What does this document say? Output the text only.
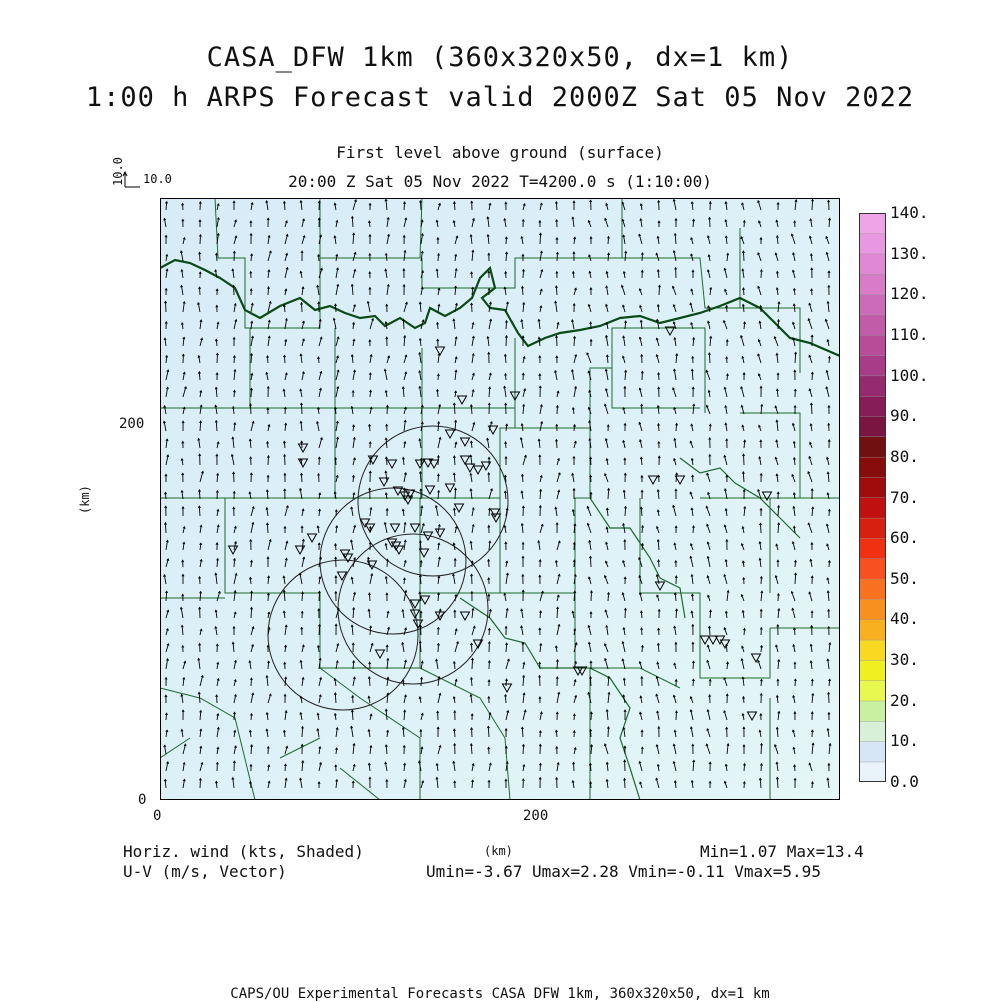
CASA_DFW 1km (360x320x50, dx=1 km)
1:00 h ARPS Forecast valid 2000Z Sat 05 Nov 2022
First level above ground (surface)
20:00 Z Sat 05 Nov 2022 T=4200.0 s (1:10:00)
10.0 10.0
(km)
200
0
0	200
(km)
0.0
10.
20.
30.
40.
50.
60.
70.
80.
90.
100.
110.
120.
130.
140.
Horiz. wind (kts, Shaded)
U-V (m/s, Vector)
Min=1.07 Max=13.4
Umin=-3.67 Umax=2.28 Vmin=-0.11 Vmax=5.95
CAPS/OU Experimental Forecasts CASA DFW 1km, 360x320x50, dx=1 km
